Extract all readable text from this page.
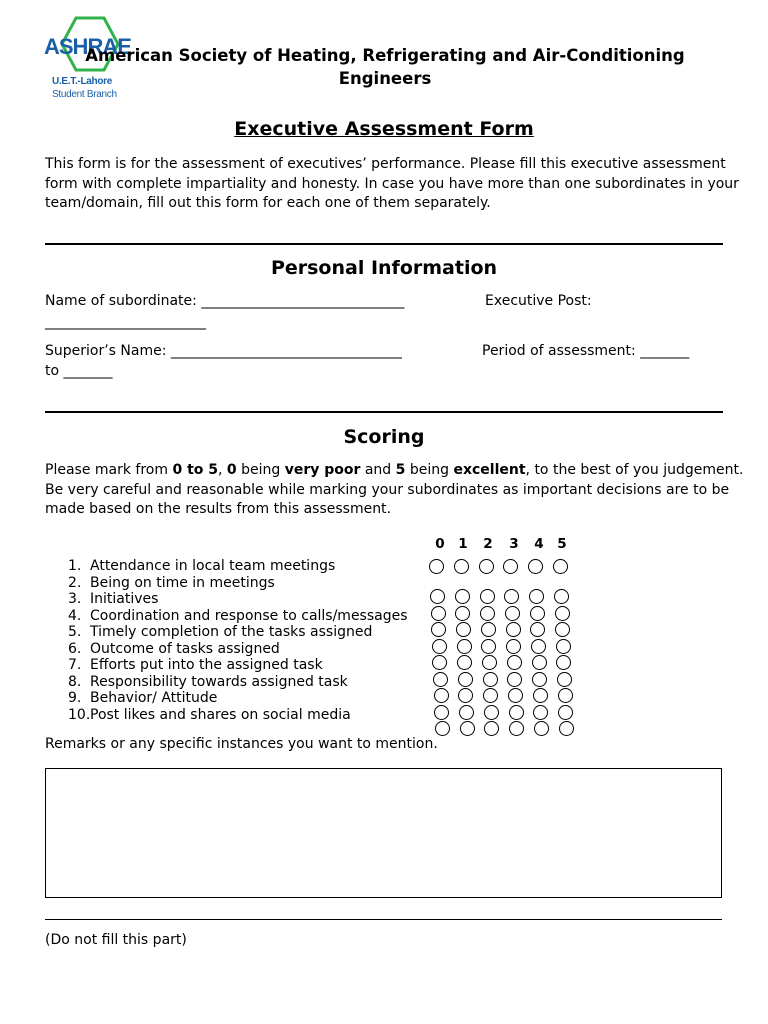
ASHRAE
U.E.T.-Lahore
Student Branch
American Society of Heating, Refrigerating and Air-Conditioning
Engineers
Executive Assessment Form
This form is for the assessment of executives’ performance. Please fill this executive assessment form with complete impartiality and honesty. In case you have more than one subordinates in your team/domain, fill out this form for each one of them separately.
Personal Information
Name of subordinate: _____________________________	Executive Post:
_______________________
Superior’s Name: _________________________________	Period of assessment: _______
to _______
Scoring
Please mark from 0 to 5, 0 being very poor and 5 being excellent, to the best of you judgement. Be very careful and reasonable while marking your subordinates as important decisions are to be made based on the results from this assessment.
0 1 2 3 4 5
1. Attendance in local team meetings
2. Being on time in meetings
3. Initiatives
4. Coordination and response to calls/messages
5. Timely completion of the tasks assigned
6. Outcome of tasks assigned
7. Efforts put into the assigned task
8. Responsibility towards assigned task
9. Behavior/ Attitude
10.Post likes and shares on social media
Remarks or any specific instances you want to mention.
(Do not fill this part)
